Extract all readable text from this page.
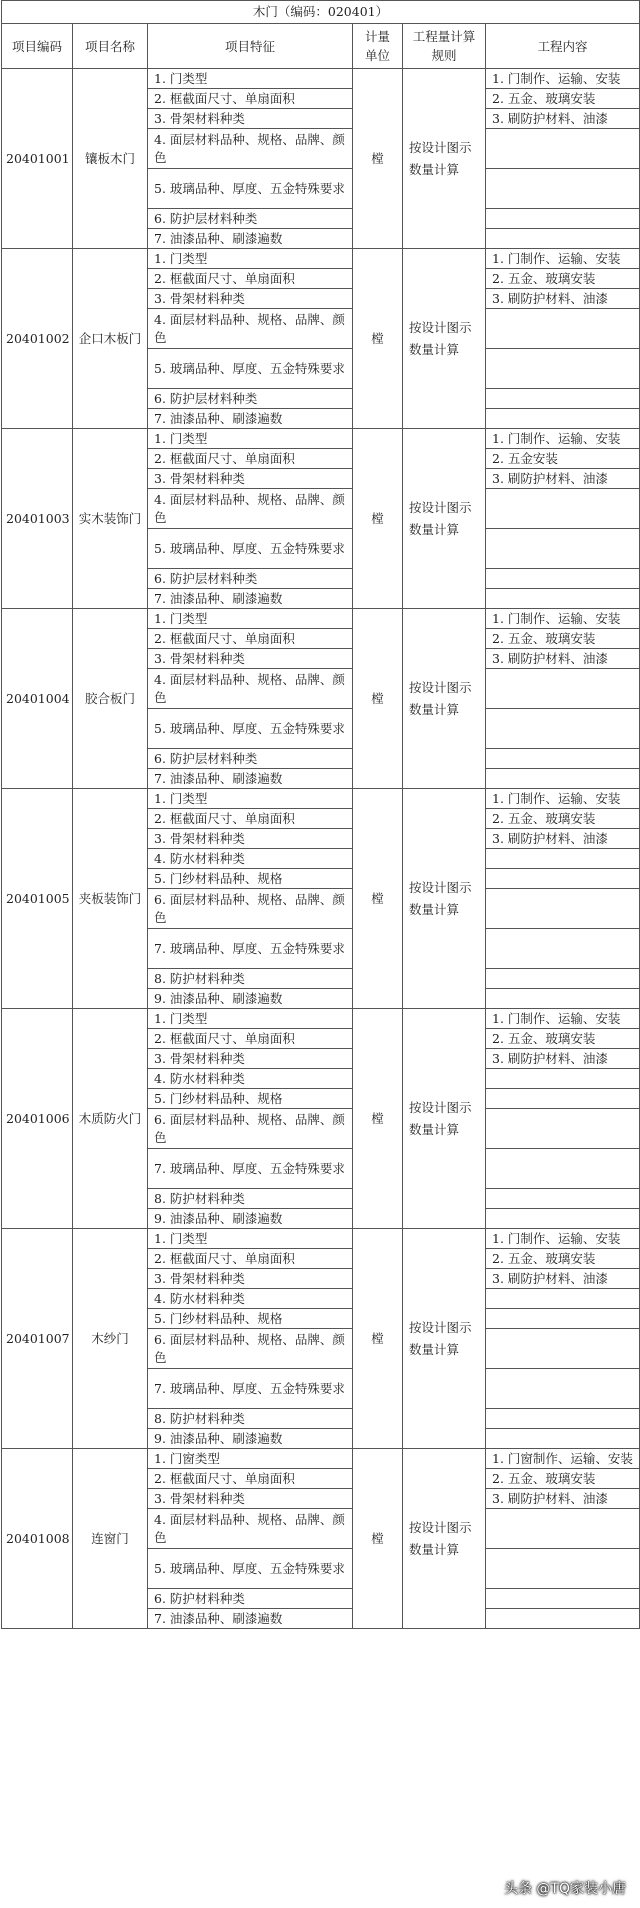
木门（编码：020401）					
项目编码	项目名称	项目特征	计量单位	工程量计算规则	工程内容
20401001	镶板木门	1. 门类型	樘	按设计图示数量计算	1. 门制作、运输、安装
		2. 框截面尺寸、单扇面积			2. 五金、玻璃安装
		3. 骨架材料种类			3. 刷防护材料、油漆
		4. 面层材料品种、规格、品牌、颜色			
		5. 玻璃品种、厚度、五金特殊要求			
		6. 防护层材料种类			
		7. 油漆品种、刷漆遍数			
20401002	企口木板门	1. 门类型	樘	按设计图示数量计算	1. 门制作、运输、安装
		2. 框截面尺寸、单扇面积			2. 五金、玻璃安装
		3. 骨架材料种类			3. 刷防护材料、油漆
		4. 面层材料品种、规格、品牌、颜色			
		5. 玻璃品种、厚度、五金特殊要求			
		6. 防护层材料种类			
		7. 油漆品种、刷漆遍数			
20401003	实木装饰门	1. 门类型	樘	按设计图示数量计算	1. 门制作、运输、安装
		2. 框截面尺寸、单扇面积			2. 五金安装
		3. 骨架材料种类			3. 刷防护材料、油漆
		4. 面层材料品种、规格、品牌、颜色			
		5. 玻璃品种、厚度、五金特殊要求			
		6. 防护层材料种类			
		7. 油漆品种、刷漆遍数			
20401004	胶合板门	1. 门类型	樘	按设计图示数量计算	1. 门制作、运输、安装
		2. 框截面尺寸、单扇面积			2. 五金、玻璃安装
		3. 骨架材料种类			3. 刷防护材料、油漆
		4. 面层材料品种、规格、品牌、颜色			
		5. 玻璃品种、厚度、五金特殊要求			
		6. 防护层材料种类			
		7. 油漆品种、刷漆遍数			
20401005	夹板装饰门	1. 门类型	樘	按设计图示数量计算	1. 门制作、运输、安装
		2. 框截面尺寸、单扇面积			2. 五金、玻璃安装
		3. 骨架材料种类			3. 刷防护材料、油漆
		4. 防水材料种类			
		5. 门纱材料品种、规格			
		6. 面层材料品种、规格、品牌、颜色			
		7. 玻璃品种、厚度、五金特殊要求			
		8. 防护材料种类			
		9. 油漆品种、刷漆遍数			
20401006	木质防火门	1. 门类型	樘	按设计图示数量计算	1. 门制作、运输、安装
		2. 框截面尺寸、单扇面积			2. 五金、玻璃安装
		3. 骨架材料种类			3. 刷防护材料、油漆
		4. 防水材料种类			
		5. 门纱材料品种、规格			
		6. 面层材料品种、规格、品牌、颜色			
		7. 玻璃品种、厚度、五金特殊要求			
		8. 防护材料种类			
		9. 油漆品种、刷漆遍数			
20401007	木纱门	1. 门类型	樘	按设计图示数量计算	1. 门制作、运输、安装
		2. 框截面尺寸、单扇面积			2. 五金、玻璃安装
		3. 骨架材料种类			3. 刷防护材料、油漆
		4. 防水材料种类			
		5. 门纱材料品种、规格			
		6. 面层材料品种、规格、品牌、颜色			
		7. 玻璃品种、厚度、五金特殊要求			
		8. 防护材料种类			
		9. 油漆品种、刷漆遍数			
20401008	连窗门	1. 门窗类型	樘	按设计图示数量计算	1. 门窗制作、运输、安装
		2. 框截面尺寸、单扇面积			2. 五金、玻璃安装
		3. 骨架材料种类			3. 刷防护材料、油漆
		4. 面层材料品种、规格、品牌、颜色			
		5. 玻璃品种、厚度、五金特殊要求			
		6. 防护材料种类			
		7. 油漆品种、刷漆遍数			
头条 @TQ家装小唐
